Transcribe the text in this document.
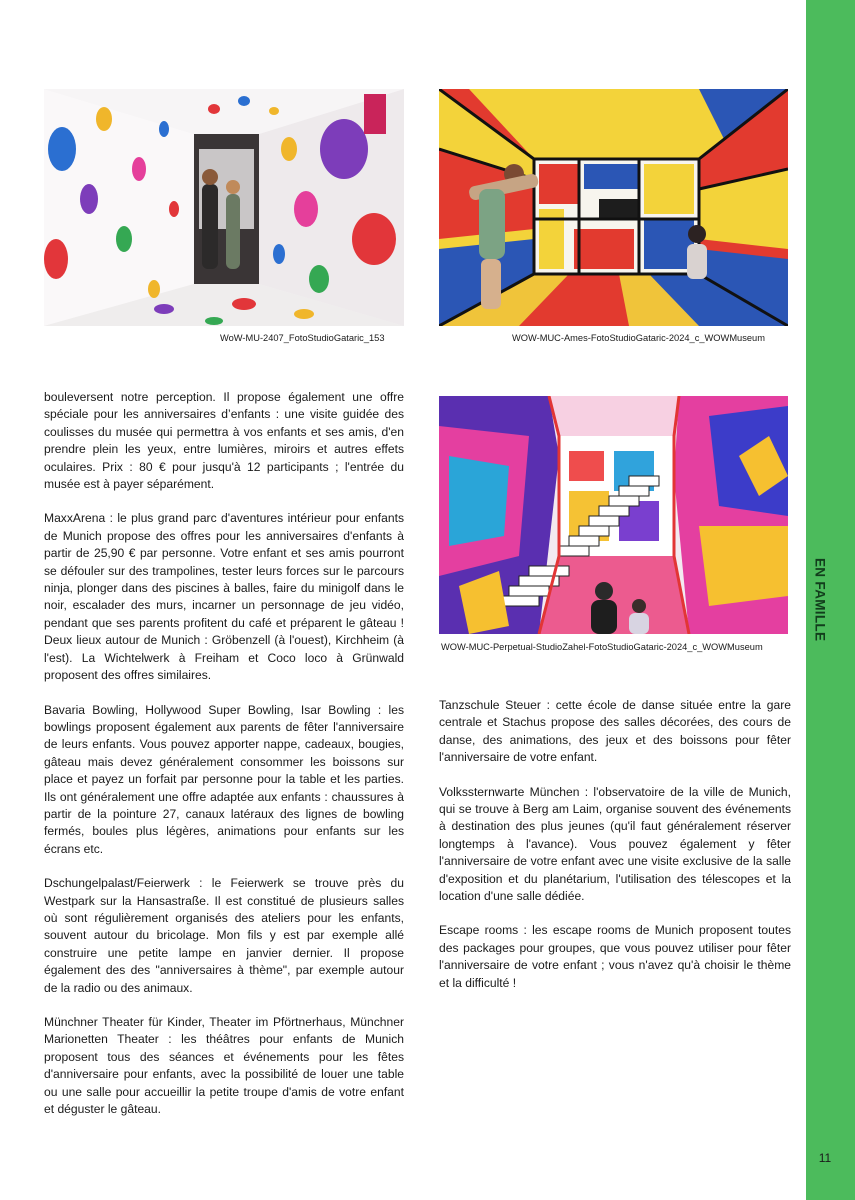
EN FAMILLE
11
WoW-MU-2407_FotoStudioGataric_153	WOW-MUC-Ames-FotoStudioGataric-2024_c_WOWMuseum
WOW-MUC-Perpetual-StudioZahel-FotoStudioGataric-2024_c_WOWMuseum

bouleversent notre perception. Il propose également une offre spéciale pour les anniversaires d’enfants : une visite guidée des coulisses du musée qui permettra à vos enfants et ses amis, d'en prendre plein les yeux, entre lumières, miroirs et autres effets oculaires. Prix : 80 € pour jusqu'à 12 participants ; l'entrée du musée est à payer séparément.

MaxxArena : le plus grand parc d'aventures intérieur pour enfants de Munich propose des offres pour les anniversaires d'enfants à partir de 25,90 € par personne. Votre enfant et ses amis pourront se défouler sur des trampolines, tester leurs forces sur le parcours ninja, plonger dans des piscines à balles, faire du minigolf dans le noir, escalader des murs, incarner un personnage de jeu vidéo, pendant que ses parents profitent du café et préparent le gâteau ! Deux lieux autour de Munich : Gröbenzell (à l'ouest), Kirchheim (à l'est). La Wichtelwerk à Freiham et Coco loco à Grünwald proposent des offres similaires.

Bavaria Bowling, Hollywood Super Bowling, Isar Bowling : les bowlings proposent également aux parents de fêter l'anniversaire de leurs enfants. Vous pouvez apporter nappe, cadeaux, bougies, gâteau mais devez généralement consommer les boissons sur place et payez un forfait par personne pour la table et les parties. Ils ont généralement une offre adaptée aux enfants : chaussures à partir de la pointure 27, canaux latéraux des lignes de bowling fermés, boules plus légères, animations pour enfants sur les écrans etc.

Dschungelpalast/Feierwerk : le Feierwerk se trouve près du Westpark sur la Hansastraße. Il est constitué de plusieurs salles où sont régulièrement organisés des ateliers pour les enfants, souvent autour du bricolage. Mon fils y est par exemple allé construire une petite lampe en janvier dernier. Il propose également des des "anniversaires à thème", par exemple autour de la radio ou des animaux.

Münchner Theater für Kinder, Theater im Pförtnerhaus, Münchner Marionetten Theater : les théâtres pour enfants de Munich proposent tous des séances et événements pour les fêtes d'anniversaire pour enfants, avec la possibilité de louer une table ou une salle pour accueillir la petite troupe d'amis de votre enfant et déguster le gâteau.

Tanzschule Steuer : cette école de danse située entre la gare centrale et Stachus propose des salles décorées, des cours de danse, des animations, des jeux et des boissons pour fêter l'anniversaire de votre enfant.

Volkssternwarte München : l'observatoire de la ville de Munich, qui se trouve à Berg am Laim, organise souvent des événements à destination des plus jeunes (qu'il faut généralement réserver longtemps à l'avance). Vous pouvez également y fêter l'anniversaire de votre enfant avec une visite exclusive de la salle d'exposition et du planétarium, l'utilisation des télescopes et la location d'une salle dédiée.

Escape rooms : les escape rooms de Munich proposent toutes des packages pour groupes, que vous pouvez utiliser pour fêter l'anniversaire de votre enfant ; vous n'avez qu'à choisir le thème et la difficulté !
